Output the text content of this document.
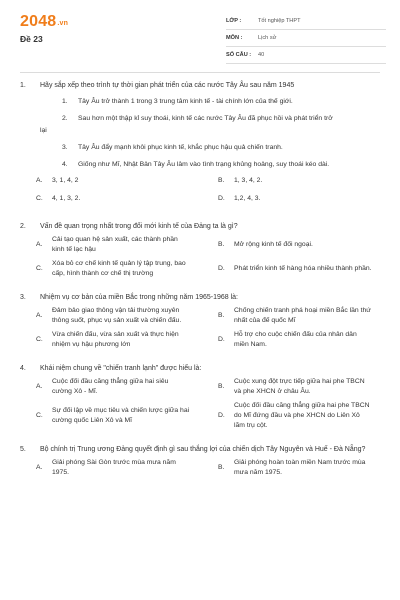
2048.vn
Đề 23
LỚP :	Tốt nghiệp THPT
MÔN :	Lịch sử
SỐ CÂU :	40
1.	Hãy sắp xếp theo trình tự thời gian phát triển của các nước Tây Âu sau năm 1945
1. Tây Âu trở thành 1 trong 3 trung tâm kinh tế - tài chính lớn của thế giới.
2. Sau hơn một thập kỉ suy thoái, kinh tế các nước Tây Âu đã phục hồi và phát triển trở
lại
3. Tây Âu đẩy mạnh khôi phục kinh tế, khắc phục hậu quả chiến tranh.
4. Giống như Mĩ, Nhật Bản Tây Âu lâm vào tình trạng khủng hoảng, suy thoái kéo dài.
A.	3, 1, 4, 2	B.	1, 3, 4, 2.
C.	4, 1, 3, 2.	D.	1,2, 4, 3.
2.	Vấn đề quan trọng nhất trong đổi mới kinh tế của Đảng ta là gì?
A.
Cải tạo quan hệ sản xuất, các thành phần kinh tế lạc hậu
B.	Mở rộng kinh tế đối ngoại.
C.
Xóa bỏ cơ chế kinh tế quản lý tập trung, bao cấp, hình thành cơ chế thị trường
D.	Phát triển kinh tế hàng hóa nhiều thành phần.
3.	Nhiệm vụ cơ bản của miền Bắc trong những năm 1965-1968 là:
A.
Đảm bảo giao thông vận tải thường xuyên thông suốt, phục vụ sản xuất và chiến đấu.
B.
Chống chiến tranh phá hoại miền Bắc lần thứ nhất của đế quốc Mĩ
C.
Vừa chiến đấu, vừa sản xuất và thực hiện nhiệm vụ hậu phương lớn
D.
Hỗ trợ cho cuộc chiến đấu của nhân dân miền Nam.
4.	Khái niệm chung về "chiến tranh lạnh" được hiểu là:
A.
Cuộc đối đầu căng thẳng giữa hai siêu cường Xô - Mĩ.
B.
Cuộc xung đột trực tiếp giữa hai phe TBCN và phe XHCN ở châu Âu.
C.
Sự đối lập về mục tiêu và chiến lược giữa hai cường quốc Liên Xô và Mĩ
D.
Cuộc đối đầu căng thẳng giữa hai phe TBCN do Mĩ đứng đầu và phe XHCN do Liên Xô lãm trụ cột.
5.	Bộ chính trị Trung ương Đảng quyết định gì sau thắng lợi của chiến dịch Tây Nguyên và Huế - Đà Nẵng?
A.
Giải phóng Sài Gòn trước mùa mưa năm 1975.
B.
Giải phóng hoàn toàn miền Nam trước mùa mưa năm 1975.
